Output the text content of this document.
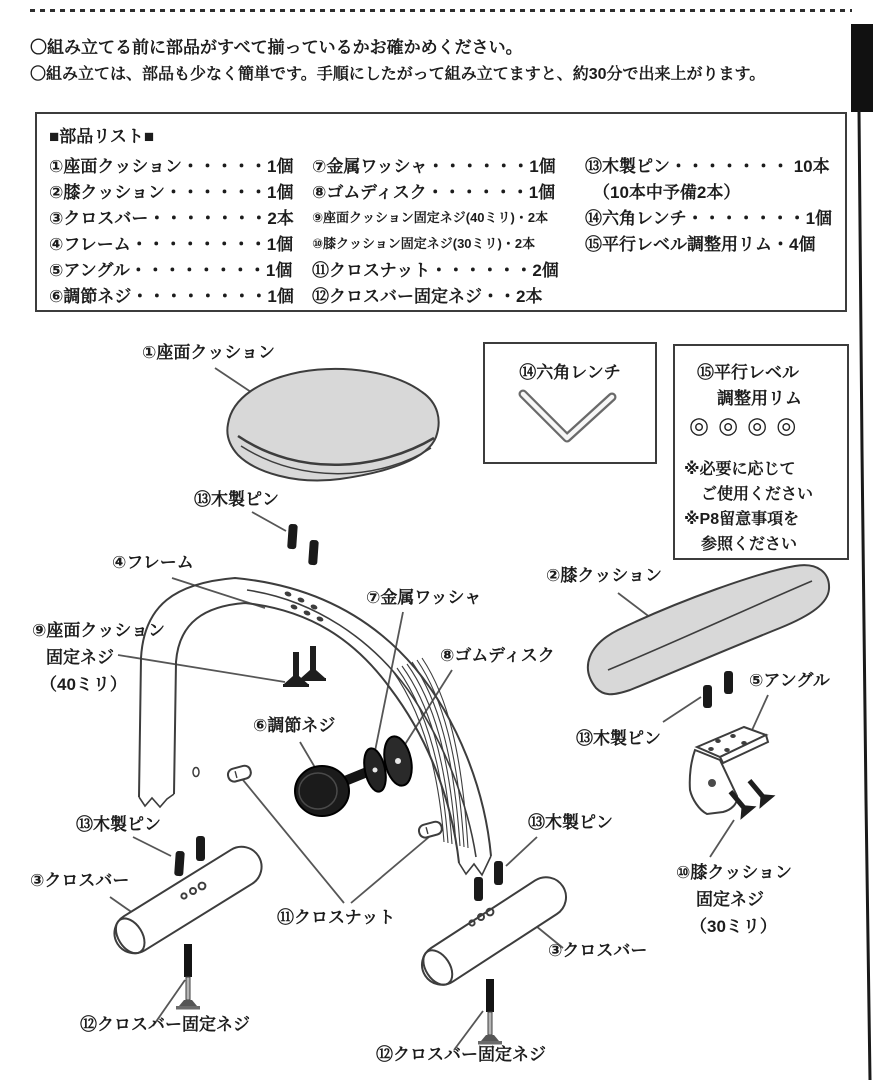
〇組み立てる前に部品がすべて揃っているかお確かめください。
〇組み立ては、部品も少なく簡単です。手順にしたがって組み立てますと、約30分で出来上がります。
■部品リスト■
①座面クッション・・・・・1個
②膝クッション・・・・・・1個
③クロスバー・・・・・・・2本
④フレーム・・・・・・・・1個
⑤アングル・・・・・・・・1個
⑥調節ネジ・・・・・・・・1個
⑦金属ワッシャ・・・・・・1個
⑧ゴムディスク・・・・・・1個
⑨座面クッション固定ネジ(40ミリ)・2本
⑩膝クッション固定ネジ(30ミリ)・2本
⑪クロスナット・・・・・・2個
⑫クロスバー固定ネジ・・2本
⑬木製ピン・・・・・・・ 10本
（10本中予備2本）
⑭六角レンチ・・・・・・・1個
⑮平行レベル調整用リム・4個
⑭六角レンチ	⑮平行レベル
調整用リム
◎◎◎◎
※必要に応じて
ご使用ください
※P8留意事項を
参照ください
①座面クッション
⑬木製ピン
④フレーム
⑨座面クッション
固定ネジ
（40ミリ）
⑦金属ワッシャ
⑧ゴムディスク
⑥調節ネジ
②膝クッション
⑤アングル
⑬木製ピン
⑩膝クッション
固定ネジ
（30ミリ）
⑬木製ピン
③クロスバー
⑪クロスナット
⑬木製ピン
③クロスバー
⑫クロスバー固定ネジ
⑫クロスバー固定ネジ
